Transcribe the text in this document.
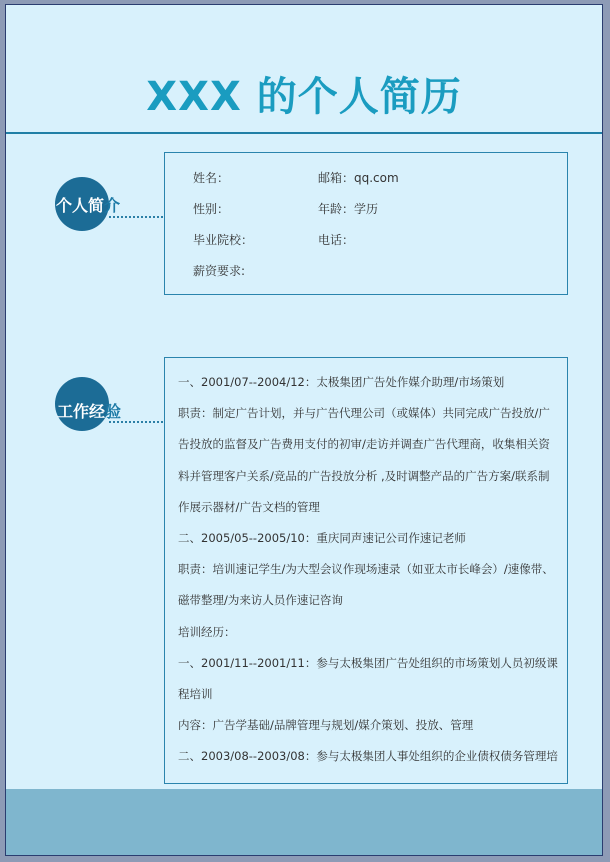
XXX 的个人简历
个人简介
姓名：	邮箱：qq.com
性别：	年龄：学历
毕业院校：	电话：
薪资要求:
工作经验
一、2001/07--2004/12：太极集团广告处作媒介助理/市场策划
职责：制定广告计划，并与广告代理公司（或媒体）共同完成广告投放/广
告投放的监督及广告费用支付的初审/走访并调查广告代理商，收集相关资
料并管理客户关系/竞品的广告投放分析 ,及时调整产品的广告方案/联系制
作展示器材/广告文档的管理
二、2005/05--2005/10：重庆同声速记公司作速记老师
职责：培训速记学生/为大型会议作现场速录（如亚太市长峰会）/速像带、
磁带整理/为来访人员作速记咨询
培训经历：
一、2001/11--2001/11：参与太极集团广告处组织的市场策划人员初级课
程培训
内容：广告学基础/品牌管理与规划/媒介策划、投放、管理
二、2003/08--2003/08：参与太极集团人事处组织的企业债权债务管理培
